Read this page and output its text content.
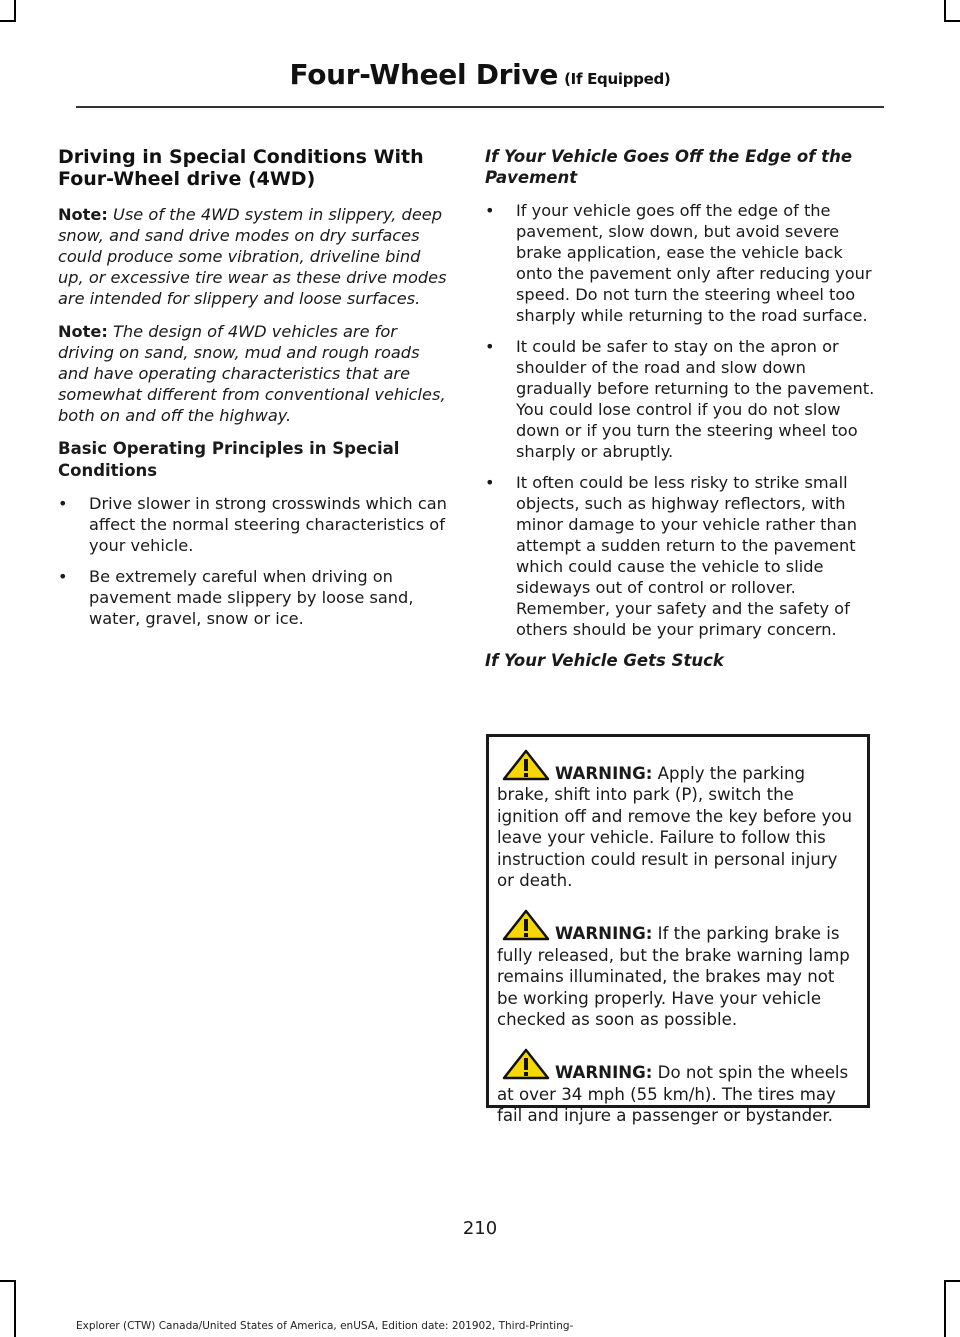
Four-Wheel Drive (If Equipped)

Driving in Special Conditions With Four-Wheel drive (4WD)

Note: Use of the 4WD system in slippery, deep snow, and sand drive modes on dry surfaces could produce some vibration, driveline bind up, or excessive tire wear as these drive modes are intended for slippery and loose surfaces.

Note: The design of 4WD vehicles are for driving on sand, snow, mud and rough roads and have operating characteristics that are somewhat different from conventional vehicles, both on and off the highway.

Basic Operating Principles in Special Conditions

• Drive slower in strong crosswinds which can affect the normal steering characteristics of your vehicle.
• Be extremely careful when driving on pavement made slippery by loose sand, water, gravel, snow or ice.

If Your Vehicle Goes Off the Edge of the Pavement

• If your vehicle goes off the edge of the pavement, slow down, but avoid severe brake application, ease the vehicle back onto the pavement only after reducing your speed. Do not turn the steering wheel too sharply while returning to the road surface.
• It could be safer to stay on the apron or shoulder of the road and slow down gradually before returning to the pavement. You could lose control if you do not slow down or if you turn the steering wheel too sharply or abruptly.
• It often could be less risky to strike small objects, such as highway reflectors, with minor damage to your vehicle rather than attempt a sudden return to the pavement which could cause the vehicle to slide sideways out of control or rollover. Remember, your safety and the safety of others should be your primary concern.

If Your Vehicle Gets Stuck

WARNING: Apply the parking brake, shift into park (P), switch the ignition off and remove the key before you leave your vehicle. Failure to follow this instruction could result in personal injury or death.

WARNING: If the parking brake is fully released, but the brake warning lamp remains illuminated, the brakes may not be working properly. Have your vehicle checked as soon as possible.

WARNING: Do not spin the wheels at over 34 mph (55 km/h). The tires may fail and injure a passenger or bystander.

210
Explorer (CTW) Canada/United States of America, enUSA, Edition date: 201902, Third-Printing-
